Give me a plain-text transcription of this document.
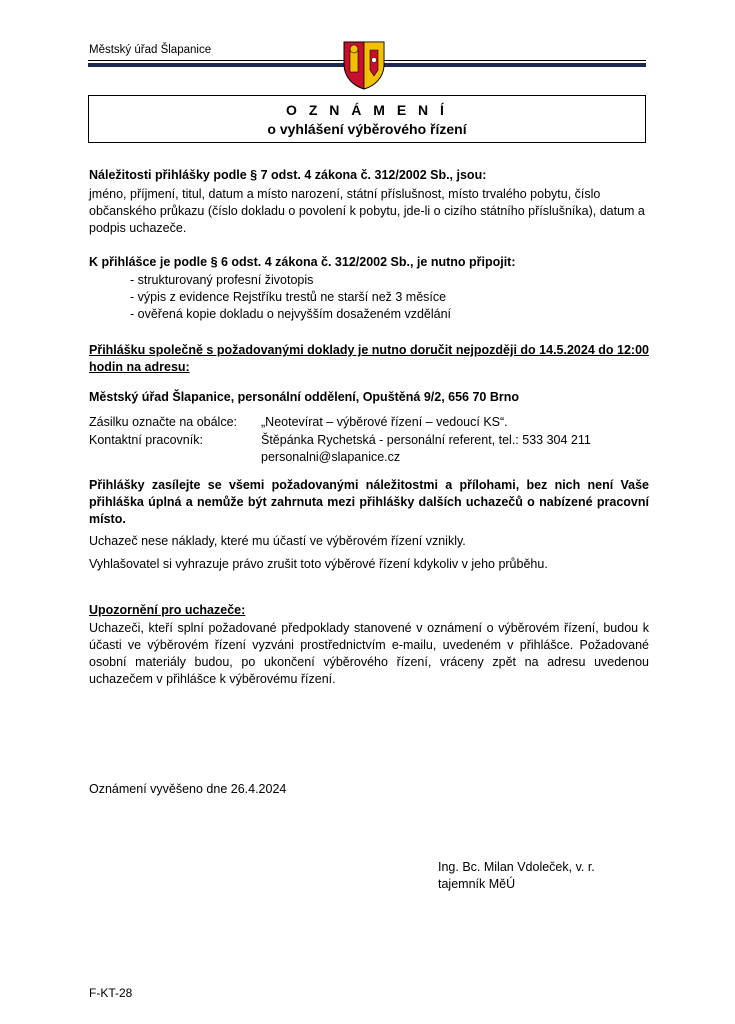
Městský úřad Šlapanice
O Z N Á M E N Í
o vyhlášení výběrového řízení
Náležitosti přihlášky podle § 7 odst. 4 zákona č. 312/2002 Sb., jsou:
jméno, příjmení, titul, datum a místo narození, státní příslušnost, místo trvalého pobytu, číslo občanského průkazu (číslo dokladu o povolení k pobytu, jde-li o cizího státního příslušníka), datum a podpis uchazeče.
K přihlášce je podle § 6 odst. 4 zákona č. 312/2002 Sb., je nutno připojit:
- strukturovaný profesní životopis
- výpis z evidence Rejstříku trestů ne starší než 3 měsíce
- ověřená kopie dokladu o nejvyšším dosaženém vzdělání
Přihlášku společně s požadovanými doklady je nutno doručit nejpozději do 14.5.2024 do 12:00 hodin na adresu:
Městský úřad Šlapanice, personální oddělení, Opuštěná 9/2, 656 70 Brno
Zásilku označte na obálce: „Neotevírat – výběrové řízení – vedoucí KS“.
Kontaktní pracovník:	Štěpánka Rychetská - personální referent, tel.: 533 304 211
personalni@slapanice.cz
Přihlášky zasílejte se všemi požadovanými náležitostmi a přílohami, bez nich není Vaše přihláška úplná a nemůže být zahrnuta mezi přihlášky dalších uchazečů o nabízené pracovní místo.
Uchazeč nese náklady, které mu účastí ve výběrovém řízení vznikly.
Vyhlašovatel si vyhrazuje právo zrušit toto výběrové řízení kdykoliv v jeho průběhu.
Upozornění pro uchazeče:
Uchazeči, kteří splní požadované předpoklady stanovené v oznámení o výběrovém řízení, budou k účasti ve výběrovém řízení vyzváni prostřednictvím e-mailu, uvedeném v přihlášce. Požadované osobní materiály budou, po ukončení výběrového řízení, vráceny zpět na adresu uvedenou uchazečem v přihlášce k výběrovému řízení.
Oznámení vyvěšeno dne 26.4.2024
Ing. Bc. Milan Vdoleček, v. r.
tajemník MěÚ
F-KT-28
